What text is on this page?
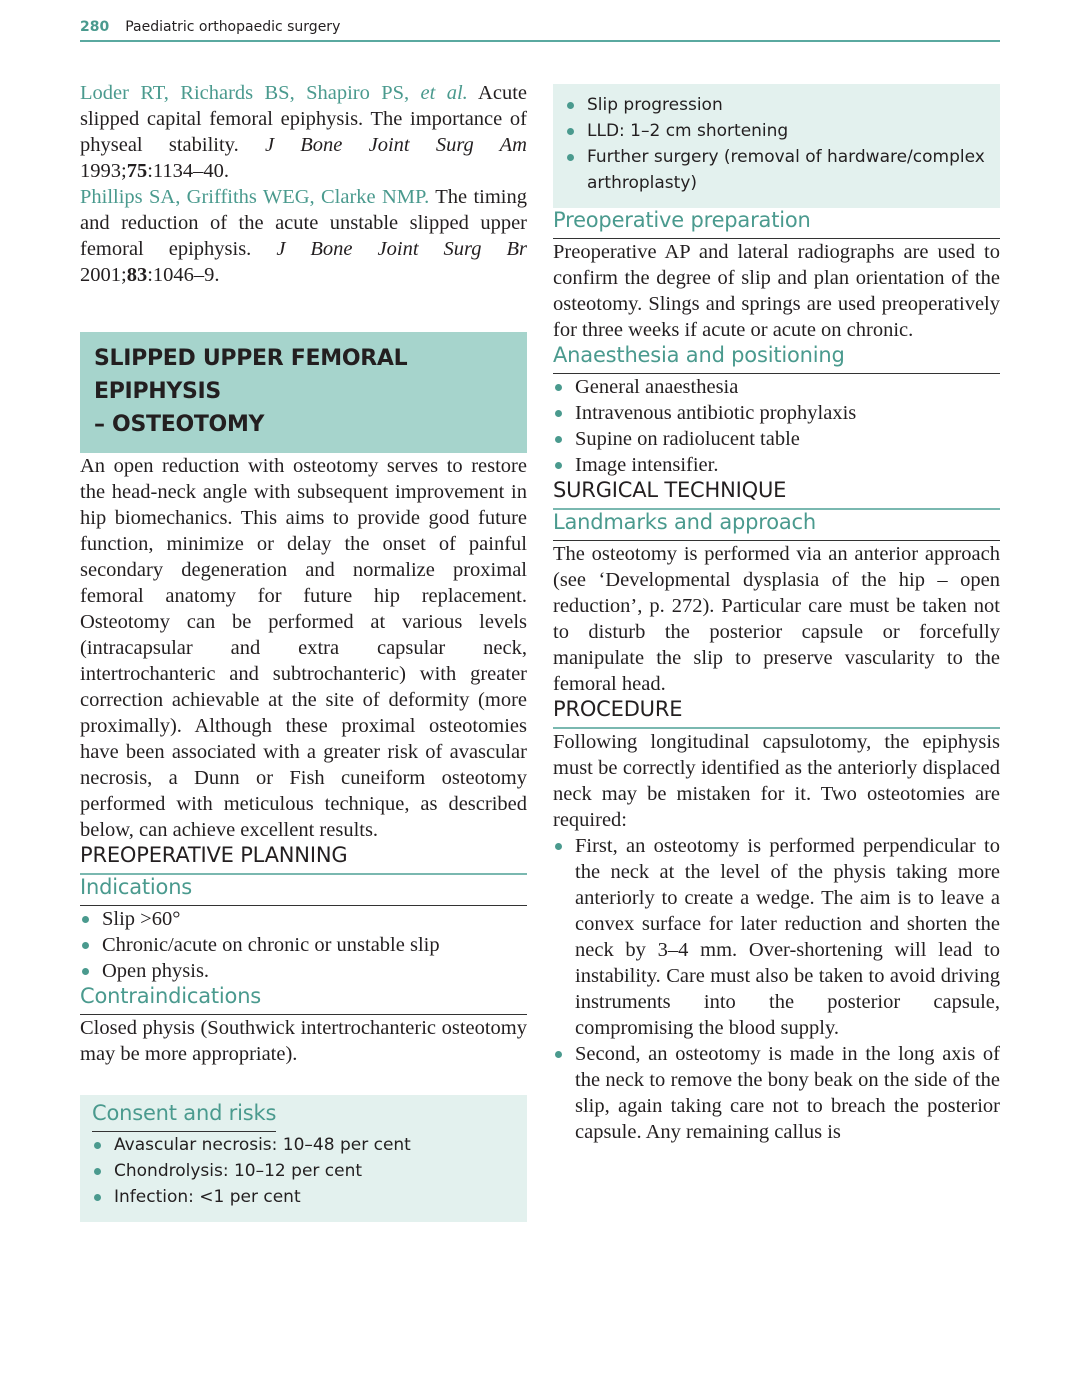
280 Paediatric orthopaedic surgery

Loder RT, Richards BS, Shapiro PS, et al. Acute slipped capital femoral epiphysis. The importance of physeal stability. J Bone Joint Surg Am 1993;75:1134–40.

Phillips SA, Griffiths WEG, Clarke NMP. The timing and reduction of the acute unstable slipped upper femoral epiphysis. J Bone Joint Surg Br 2001;83:1046–9.

SLIPPED UPPER FEMORAL EPIPHYSIS
– OSTEOTOMY

An open reduction with osteotomy serves to restore the head-neck angle with subsequent improvement in hip biomechanics. This aims to provide good future function, minimize or delay the onset of painful secondary degeneration and normalize proximal femoral anatomy for future hip replacement. Osteotomy can be performed at various levels (intracapsular and extra capsular neck, intertrochanteric and subtrochanteric) with greater correction achievable at the site of deformity (more proximally). Although these proximal osteotomies have been associated with a greater risk of avascular necrosis, a Dunn or Fish cuneiform osteotomy performed with meticulous technique, as described below, can achieve excellent results.

PREOPERATIVE PLANNING
Indications
Slip >60°
Chronic/acute on chronic or unstable slip
Open physis.
Contraindications

Closed physis (Southwick intertrochanteric osteotomy may be more appropriate).

Consent and risks
Avascular necrosis: 10–48 per cent
Chondrolysis: 10–12 per cent
Infection: <1 per cent
Slip progression
LLD: 1–2 cm shortening
Further surgery (removal of hardware/complex arthroplasty)
Preoperative preparation

Preoperative AP and lateral radiographs are used to confirm the degree of slip and plan orientation of the osteotomy. Slings and springs are used preoperatively for three weeks if acute or acute on chronic.

Anaesthesia and positioning
General anaesthesia
Intravenous antibiotic prophylaxis
Supine on radiolucent table
Image intensifier.
SURGICAL TECHNIQUE
Landmarks and approach

The osteotomy is performed via an anterior approach (see ‘Developmental dysplasia of the hip – open reduction’, p. 272). Particular care must be taken not to disturb the posterior capsule or forcefully manipulate the slip to preserve vascularity to the femoral head.

PROCEDURE

Following longitudinal capsulotomy, the epiphysis must be correctly identified as the anteriorly displaced neck may be mistaken for it. Two osteotomies are required:

First, an osteotomy is performed perpendicular to the neck at the level of the physis taking more anteriorly to create a wedge. The aim is to leave a convex surface for later reduction and shorten the neck by 3–4 mm. Over-shortening will lead to instability. Care must also be taken to avoid driving instruments into the posterior capsule, compromising the blood supply.
Second, an osteotomy is made in the long axis of the neck to remove the bony beak on the side of the slip, again taking care not to breach the posterior capsule. Any remaining callus is
